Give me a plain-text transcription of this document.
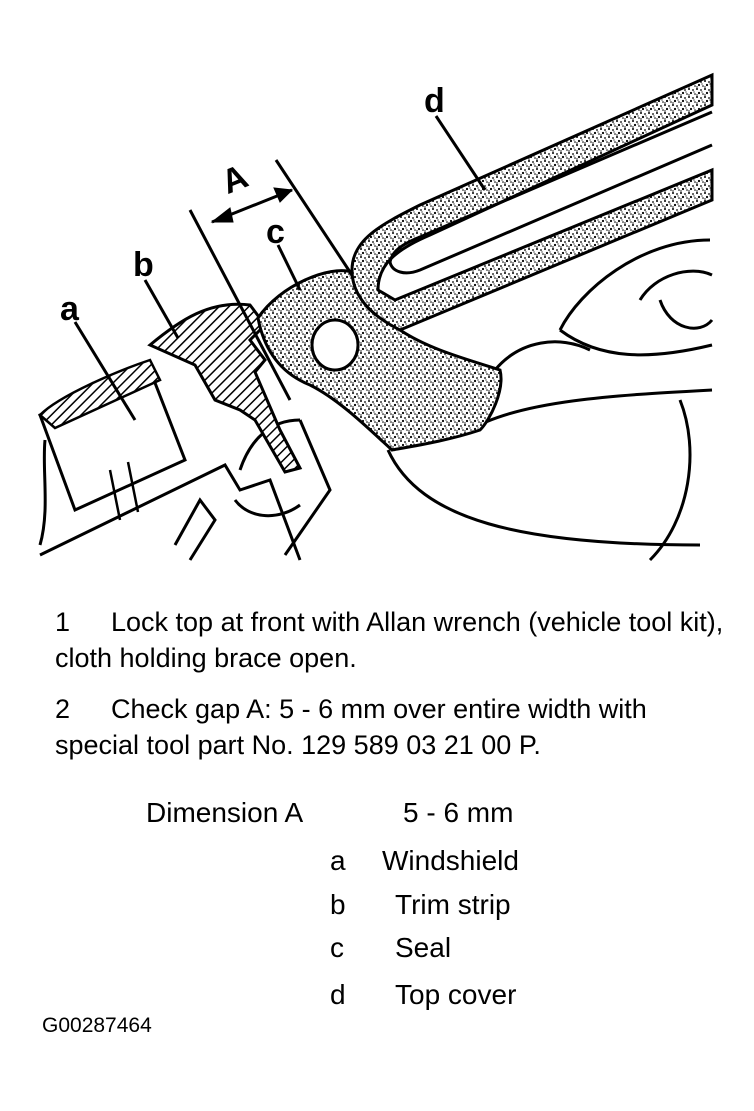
a
b
c
d
A
1 Lock top at front with Allan wrench (vehicle tool kit), cloth holding brace open.
2 Check gap A: 5 - 6 mm over entire width with special tool part No. 129 589 03 21 00 P.
Dimension A	5 - 6 mm
a Windshield
b Trim strip
c Seal
d Top cover
G00287464
